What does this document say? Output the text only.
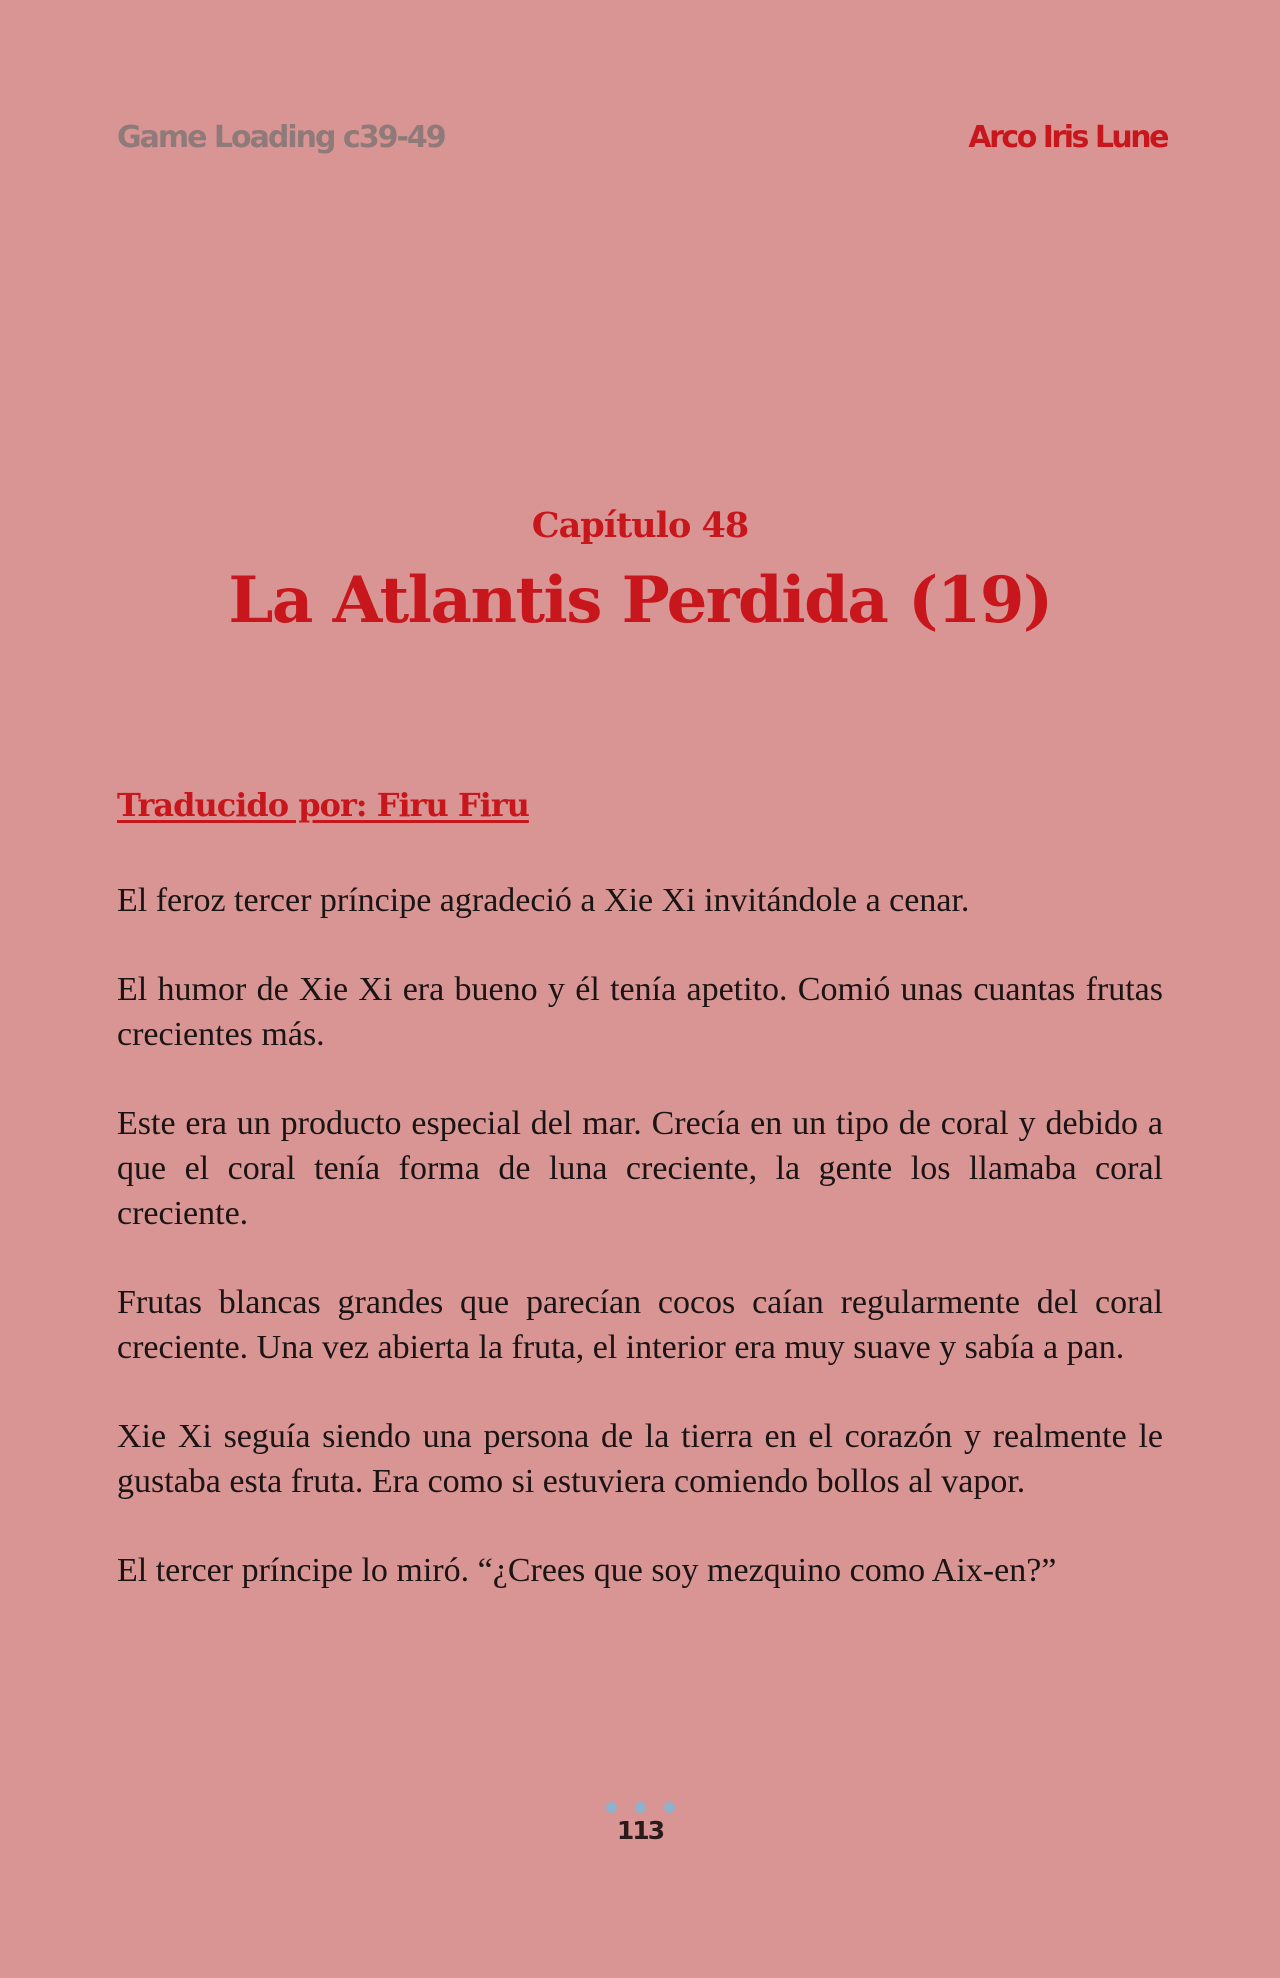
Game Loading c39-49	Arco Iris Lune
Capítulo 48
La Atlantis Perdida (19)
Traducido por: Firu Firu

El feroz tercer príncipe agradeció a Xie Xi invitándole a cenar.

El humor de Xie Xi era bueno y él tenía apetito. Comió unas cuantas frutas crecientes más.

Este era un producto especial del mar. Crecía en un tipo de coral y debido a que el coral tenía forma de luna creciente, la gente los llamaba coral creciente.

Frutas blancas grandes que parecían cocos caían regularmente del coral creciente. Una vez abierta la fruta, el interior era muy suave y sabía a pan.

Xie Xi seguía siendo una persona de la tierra en el corazón y realmente le gustaba esta fruta. Era como si estuviera comiendo bollos al vapor.

El tercer príncipe lo miró. “¿Crees que soy mezquino como Aix-en?”

113
